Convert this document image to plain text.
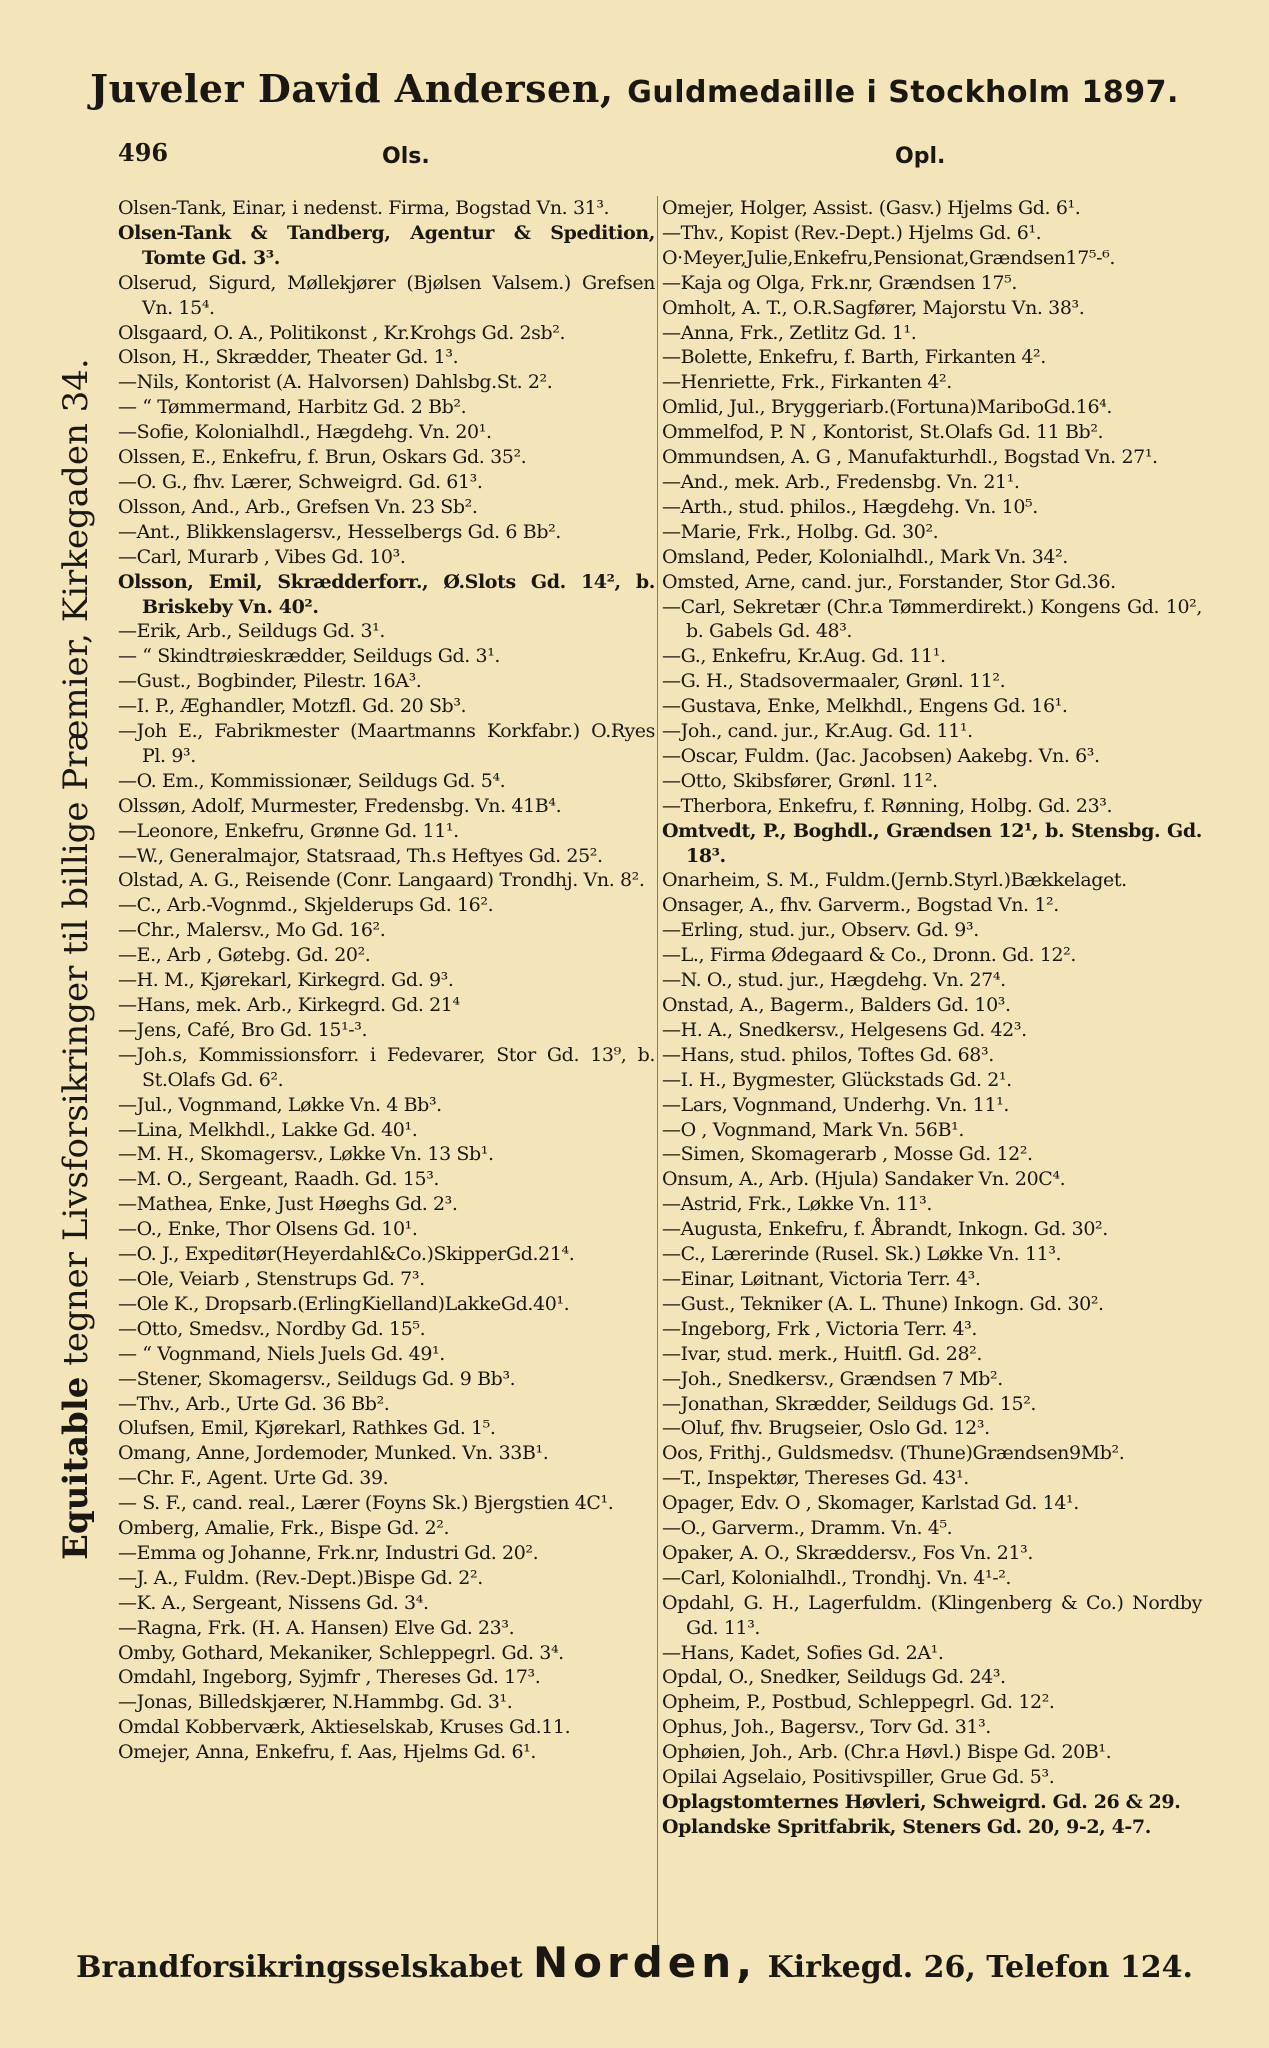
Juveler David Andersen, Guldmedaille i Stockholm 1897.
496	Ols.	Opl.
Equitable tegner Livsforsikringer til billige Præmier, Kirkegaden 34.
Olsen-Tank, Einar, i nedenst. Firma, Bogstad Vn. 31³.
Olsen-Tank & Tandberg, Agentur & Spedition, Tomte Gd. 3³.
Olserud, Sigurd, Møllekjører (Bjølsen Valsem.) Grefsen Vn. 15⁴.
Olsgaard, O. A., Politikonst , Kr.Krohgs Gd. 2sb².
Olson, H., Skrædder, Theater Gd. 1³.
—Nils, Kontorist (A. Halvorsen) Dahlsbg.St. 2².
— “ Tømmermand, Harbitz Gd. 2 Bb².
—Sofie, Kolonialhdl., Hægdehg. Vn. 20¹.
Olssen, E., Enkefru, f. Brun, Oskars Gd. 35².
—O. G., fhv. Lærer, Schweigrd. Gd. 61³.
Olsson, And., Arb., Grefsen Vn. 23 Sb².
—Ant., Blikkenslagersv., Hesselbergs Gd. 6 Bb².
—Carl, Murarb , Vibes Gd. 10³.
Olsson, Emil, Skrædderforr., Ø.Slots Gd. 14², b. Briskeby Vn. 40².
—Erik, Arb., Seildugs Gd. 3¹.
— “ Skindtrøieskrædder, Seildugs Gd. 3¹.
—Gust., Bogbinder, Pilestr. 16A³.
—I. P., Æghandler, Motzfl. Gd. 20 Sb³.
—Joh E., Fabrikmester (Maartmanns Korkfabr.) O.Ryes Pl. 9³.
—O. Em., Kommissionær, Seildugs Gd. 5⁴.
Olssøn, Adolf, Murmester, Fredensbg. Vn. 41B⁴.
—Leonore, Enkefru, Grønne Gd. 11¹.
—W., Generalmajor, Statsraad, Th.s Heftyes Gd. 25².
Olstad, A. G., Reisende (Conr. Langaard) Trondhj. Vn. 8².
—C., Arb.-Vognmd., Skjelderups Gd. 16².
—Chr., Malersv., Mo Gd. 16².
—E., Arb , Gøtebg. Gd. 20².
—H. M., Kjørekarl, Kirkegrd. Gd. 9³.
—Hans, mek. Arb., Kirkegrd. Gd. 21⁴
—Jens, Café, Bro Gd. 15¹-³.
—Joh.s, Kommissionsforr. i Fedevarer, Stor Gd. 13⁹, b. St.Olafs Gd. 6².
—Jul., Vognmand, Løkke Vn. 4 Bb³.
—Lina, Melkhdl., Lakke Gd. 40¹.
—M. H., Skomagersv., Løkke Vn. 13 Sb¹.
—M. O., Sergeant, Raadh. Gd. 15³.
—Mathea, Enke, Just Høeghs Gd. 2³.
—O., Enke, Thor Olsens Gd. 10¹.
—O. J., Expeditør(Heyerdahl&Co.)SkipperGd.21⁴.
—Ole, Veiarb , Stenstrups Gd. 7³.
—Ole K., Dropsarb.(ErlingKielland)LakkeGd.40¹.
—Otto, Smedsv., Nordby Gd. 15⁵.
— “ Vognmand, Niels Juels Gd. 49¹.
—Stener, Skomagersv., Seildugs Gd. 9 Bb³.
—Thv., Arb., Urte Gd. 36 Bb².
Olufsen, Emil, Kjørekarl, Rathkes Gd. 1⁵.
Omang, Anne, Jordemoder, Munked. Vn. 33B¹.
—Chr. F., Agent. Urte Gd. 39.
— S. F., cand. real., Lærer (Foyns Sk.) Bjergstien 4C¹.
Omberg, Amalie, Frk., Bispe Gd. 2².
—Emma og Johanne, Frk.nr, Industri Gd. 20².
—J. A., Fuldm. (Rev.-Dept.)Bispe Gd. 2².
—K. A., Sergeant, Nissens Gd. 3⁴.
—Ragna, Frk. (H. A. Hansen) Elve Gd. 23³.
Omby, Gothard, Mekaniker, Schleppegrl. Gd. 3⁴.
Omdahl, Ingeborg, Syjmfr , Thereses Gd. 17³.
—Jonas, Billedskjærer, N.Hammbg. Gd. 3¹.
Omdal Kobberværk, Aktieselskab, Kruses Gd.11.
Omejer, Anna, Enkefru, f. Aas, Hjelms Gd. 6¹.
Omejer, Holger, Assist. (Gasv.) Hjelms Gd. 6¹.
—Thv., Kopist (Rev.-Dept.) Hjelms Gd. 6¹.
O·Meyer,Julie,Enkefru,Pensionat,Grændsen17⁵-⁶.
—Kaja og Olga, Frk.nr, Grændsen 17⁵.
Omholt, A. T., O.R.Sagfører, Majorstu Vn. 38³.
—Anna, Frk., Zetlitz Gd. 1¹.
—Bolette, Enkefru, f. Barth, Firkanten 4².
—Henriette, Frk., Firkanten 4².
Omlid, Jul., Bryggeriarb.(Fortuna)MariboGd.16⁴.
Ommelfod, P. N , Kontorist, St.Olafs Gd. 11 Bb².
Ommundsen, A. G , Manufakturhdl., Bogstad Vn. 27¹.
—And., mek. Arb., Fredensbg. Vn. 21¹.
—Arth., stud. philos., Hægdehg. Vn. 10⁵.
—Marie, Frk., Holbg. Gd. 30².
Omsland, Peder, Kolonialhdl., Mark Vn. 34².
Omsted, Arne, cand. jur., Forstander, Stor Gd.36.
—Carl, Sekretær (Chr.a Tømmerdirekt.) Kongens Gd. 10², b. Gabels Gd. 48³.
—G., Enkefru, Kr.Aug. Gd. 11¹.
—G. H., Stadsovermaaler, Grønl. 11².
—Gustava, Enke, Melkhdl., Engens Gd. 16¹.
—Joh., cand. jur., Kr.Aug. Gd. 11¹.
—Oscar, Fuldm. (Jac. Jacobsen) Aakebg. Vn. 6³.
—Otto, Skibsfører, Grønl. 11².
—Therbora, Enkefru, f. Rønning, Holbg. Gd. 23³.
Omtvedt, P., Boghdl., Grændsen 12¹, b. Stensbg. Gd. 18³.
Onarheim, S. M., Fuldm.(Jernb.Styrl.)Bækkelaget.
Onsager, A., fhv. Garverm., Bogstad Vn. 1².
—Erling, stud. jur., Observ. Gd. 9³.
—L., Firma Ødegaard & Co., Dronn. Gd. 12².
—N. O., stud. jur., Hægdehg. Vn. 27⁴.
Onstad, A., Bagerm., Balders Gd. 10³.
—H. A., Snedkersv., Helgesens Gd. 42³.
—Hans, stud. philos, Toftes Gd. 68³.
—I. H., Bygmester, Glückstads Gd. 2¹.
—Lars, Vognmand, Underhg. Vn. 11¹.
—O , Vognmand, Mark Vn. 56B¹.
—Simen, Skomagerarb , Mosse Gd. 12².
Onsum, A., Arb. (Hjula) Sandaker Vn. 20C⁴.
—Astrid, Frk., Løkke Vn. 11³.
—Augusta, Enkefru, f. Åbrandt, Inkogn. Gd. 30².
—C., Lærerinde (Rusel. Sk.) Løkke Vn. 11³.
—Einar, Løitnant, Victoria Terr. 4³.
—Gust., Tekniker (A. L. Thune) Inkogn. Gd. 30².
—Ingeborg, Frk , Victoria Terr. 4³.
—Ivar, stud. merk., Huitfl. Gd. 28².
—Joh., Snedkersv., Grændsen 7 Mb².
—Jonathan, Skrædder, Seildugs Gd. 15².
—Oluf, fhv. Brugseier, Oslo Gd. 12³.
Oos, Frithj., Guldsmedsv. (Thune)Grændsen9Mb².
—T., Inspektør, Thereses Gd. 43¹.
Opager, Edv. O , Skomager, Karlstad Gd. 14¹.
—O., Garverm., Dramm. Vn. 4⁵.
Opaker, A. O., Skræddersv., Fos Vn. 21³.
—Carl, Kolonialhdl., Trondhj. Vn. 4¹-².
Opdahl, G. H., Lagerfuldm. (Klingenberg & Co.) Nordby Gd. 11³.
—Hans, Kadet, Sofies Gd. 2A¹.
Opdal, O., Snedker, Seildugs Gd. 24³.
Opheim, P., Postbud, Schleppegrl. Gd. 12².
Ophus, Joh., Bagersv., Torv Gd. 31³.
Ophøien, Joh., Arb. (Chr.a Høvl.) Bispe Gd. 20B¹.
Opilai Agselaio, Positivspiller, Grue Gd. 5³.
Oplagstomternes Høvleri, Schweigrd. Gd. 26 & 29.
Oplandske Spritfabrik, Steners Gd. 20, 9-2, 4-7.
Brandforsikringsselskabet Norden, Kirkegd. 26, Telefon 124.
